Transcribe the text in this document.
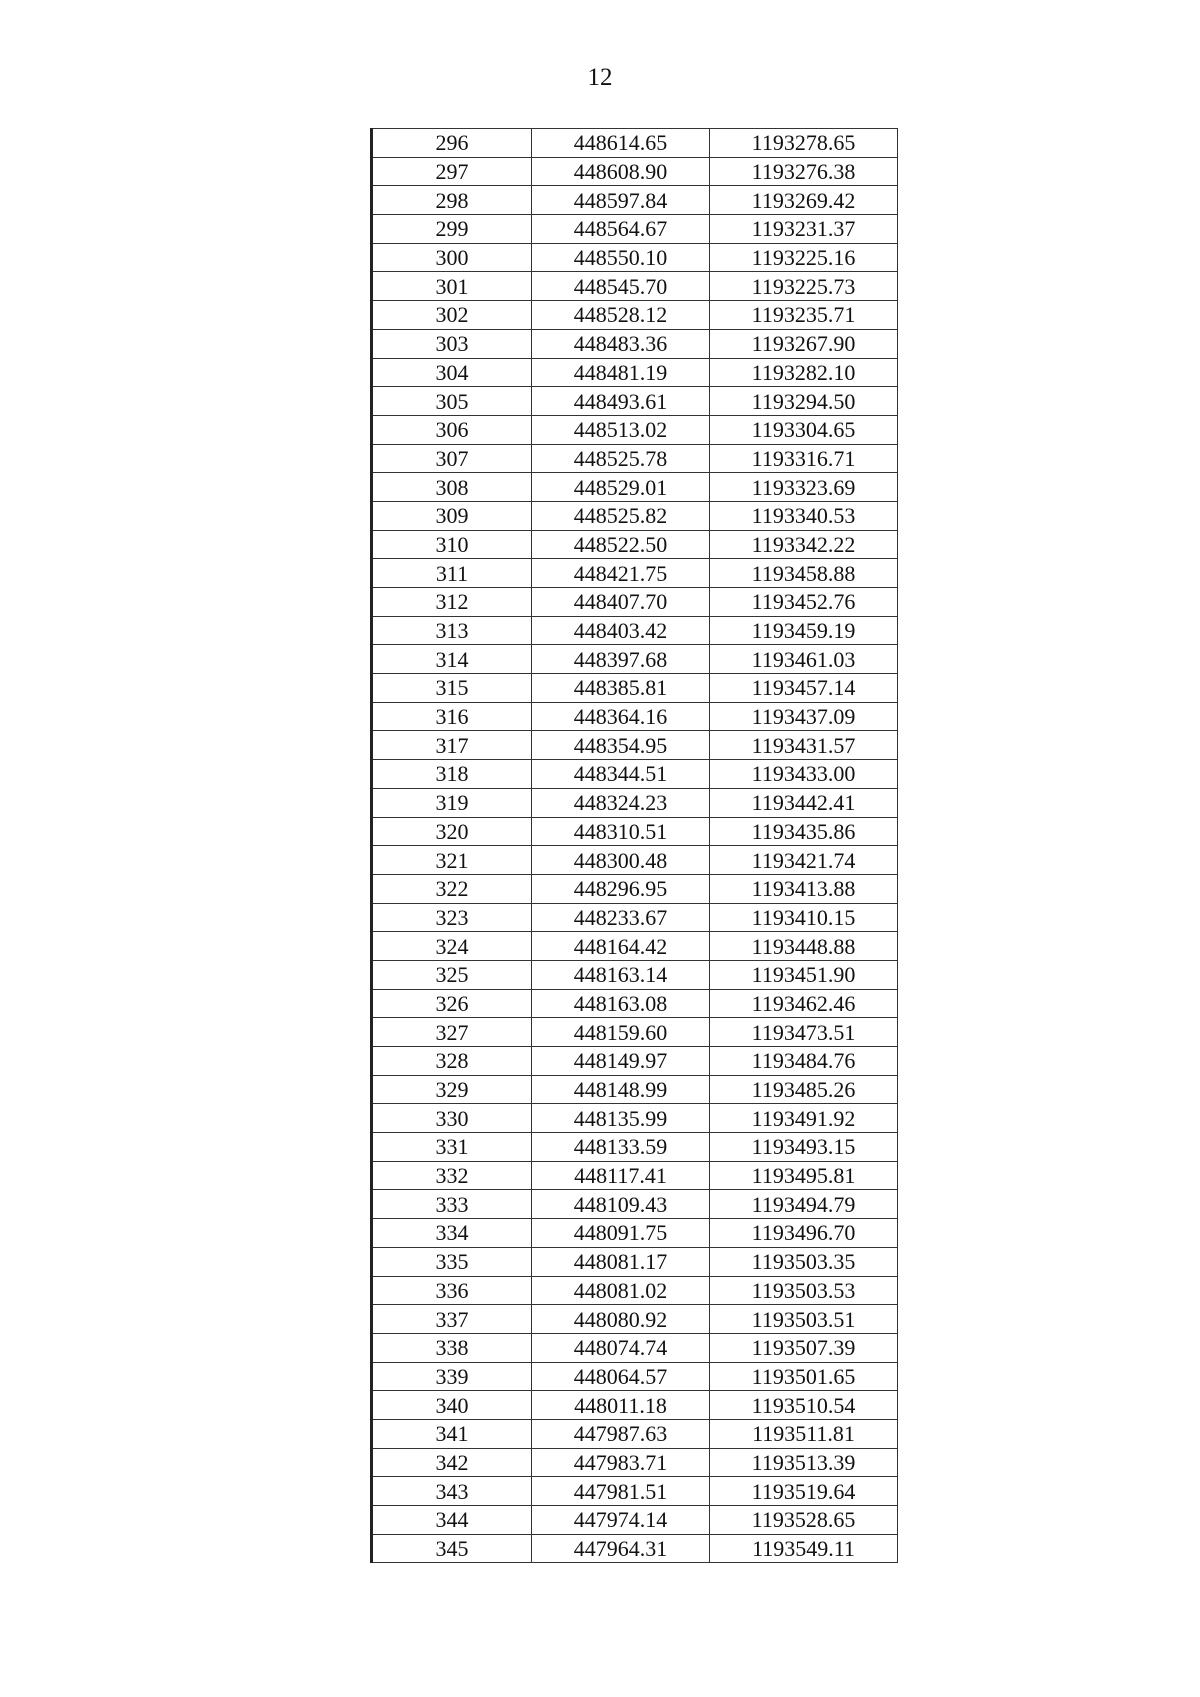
12
296	448614.65	1193278.65
297	448608.90	1193276.38
298	448597.84	1193269.42
299	448564.67	1193231.37
300	448550.10	1193225.16
301	448545.70	1193225.73
302	448528.12	1193235.71
303	448483.36	1193267.90
304	448481.19	1193282.10
305	448493.61	1193294.50
306	448513.02	1193304.65
307	448525.78	1193316.71
308	448529.01	1193323.69
309	448525.82	1193340.53
310	448522.50	1193342.22
311	448421.75	1193458.88
312	448407.70	1193452.76
313	448403.42	1193459.19
314	448397.68	1193461.03
315	448385.81	1193457.14
316	448364.16	1193437.09
317	448354.95	1193431.57
318	448344.51	1193433.00
319	448324.23	1193442.41
320	448310.51	1193435.86
321	448300.48	1193421.74
322	448296.95	1193413.88
323	448233.67	1193410.15
324	448164.42	1193448.88
325	448163.14	1193451.90
326	448163.08	1193462.46
327	448159.60	1193473.51
328	448149.97	1193484.76
329	448148.99	1193485.26
330	448135.99	1193491.92
331	448133.59	1193493.15
332	448117.41	1193495.81
333	448109.43	1193494.79
334	448091.75	1193496.70
335	448081.17	1193503.35
336	448081.02	1193503.53
337	448080.92	1193503.51
338	448074.74	1193507.39
339	448064.57	1193501.65
340	448011.18	1193510.54
341	447987.63	1193511.81
342	447983.71	1193513.39
343	447981.51	1193519.64
344	447974.14	1193528.65
345	447964.31	1193549.11
